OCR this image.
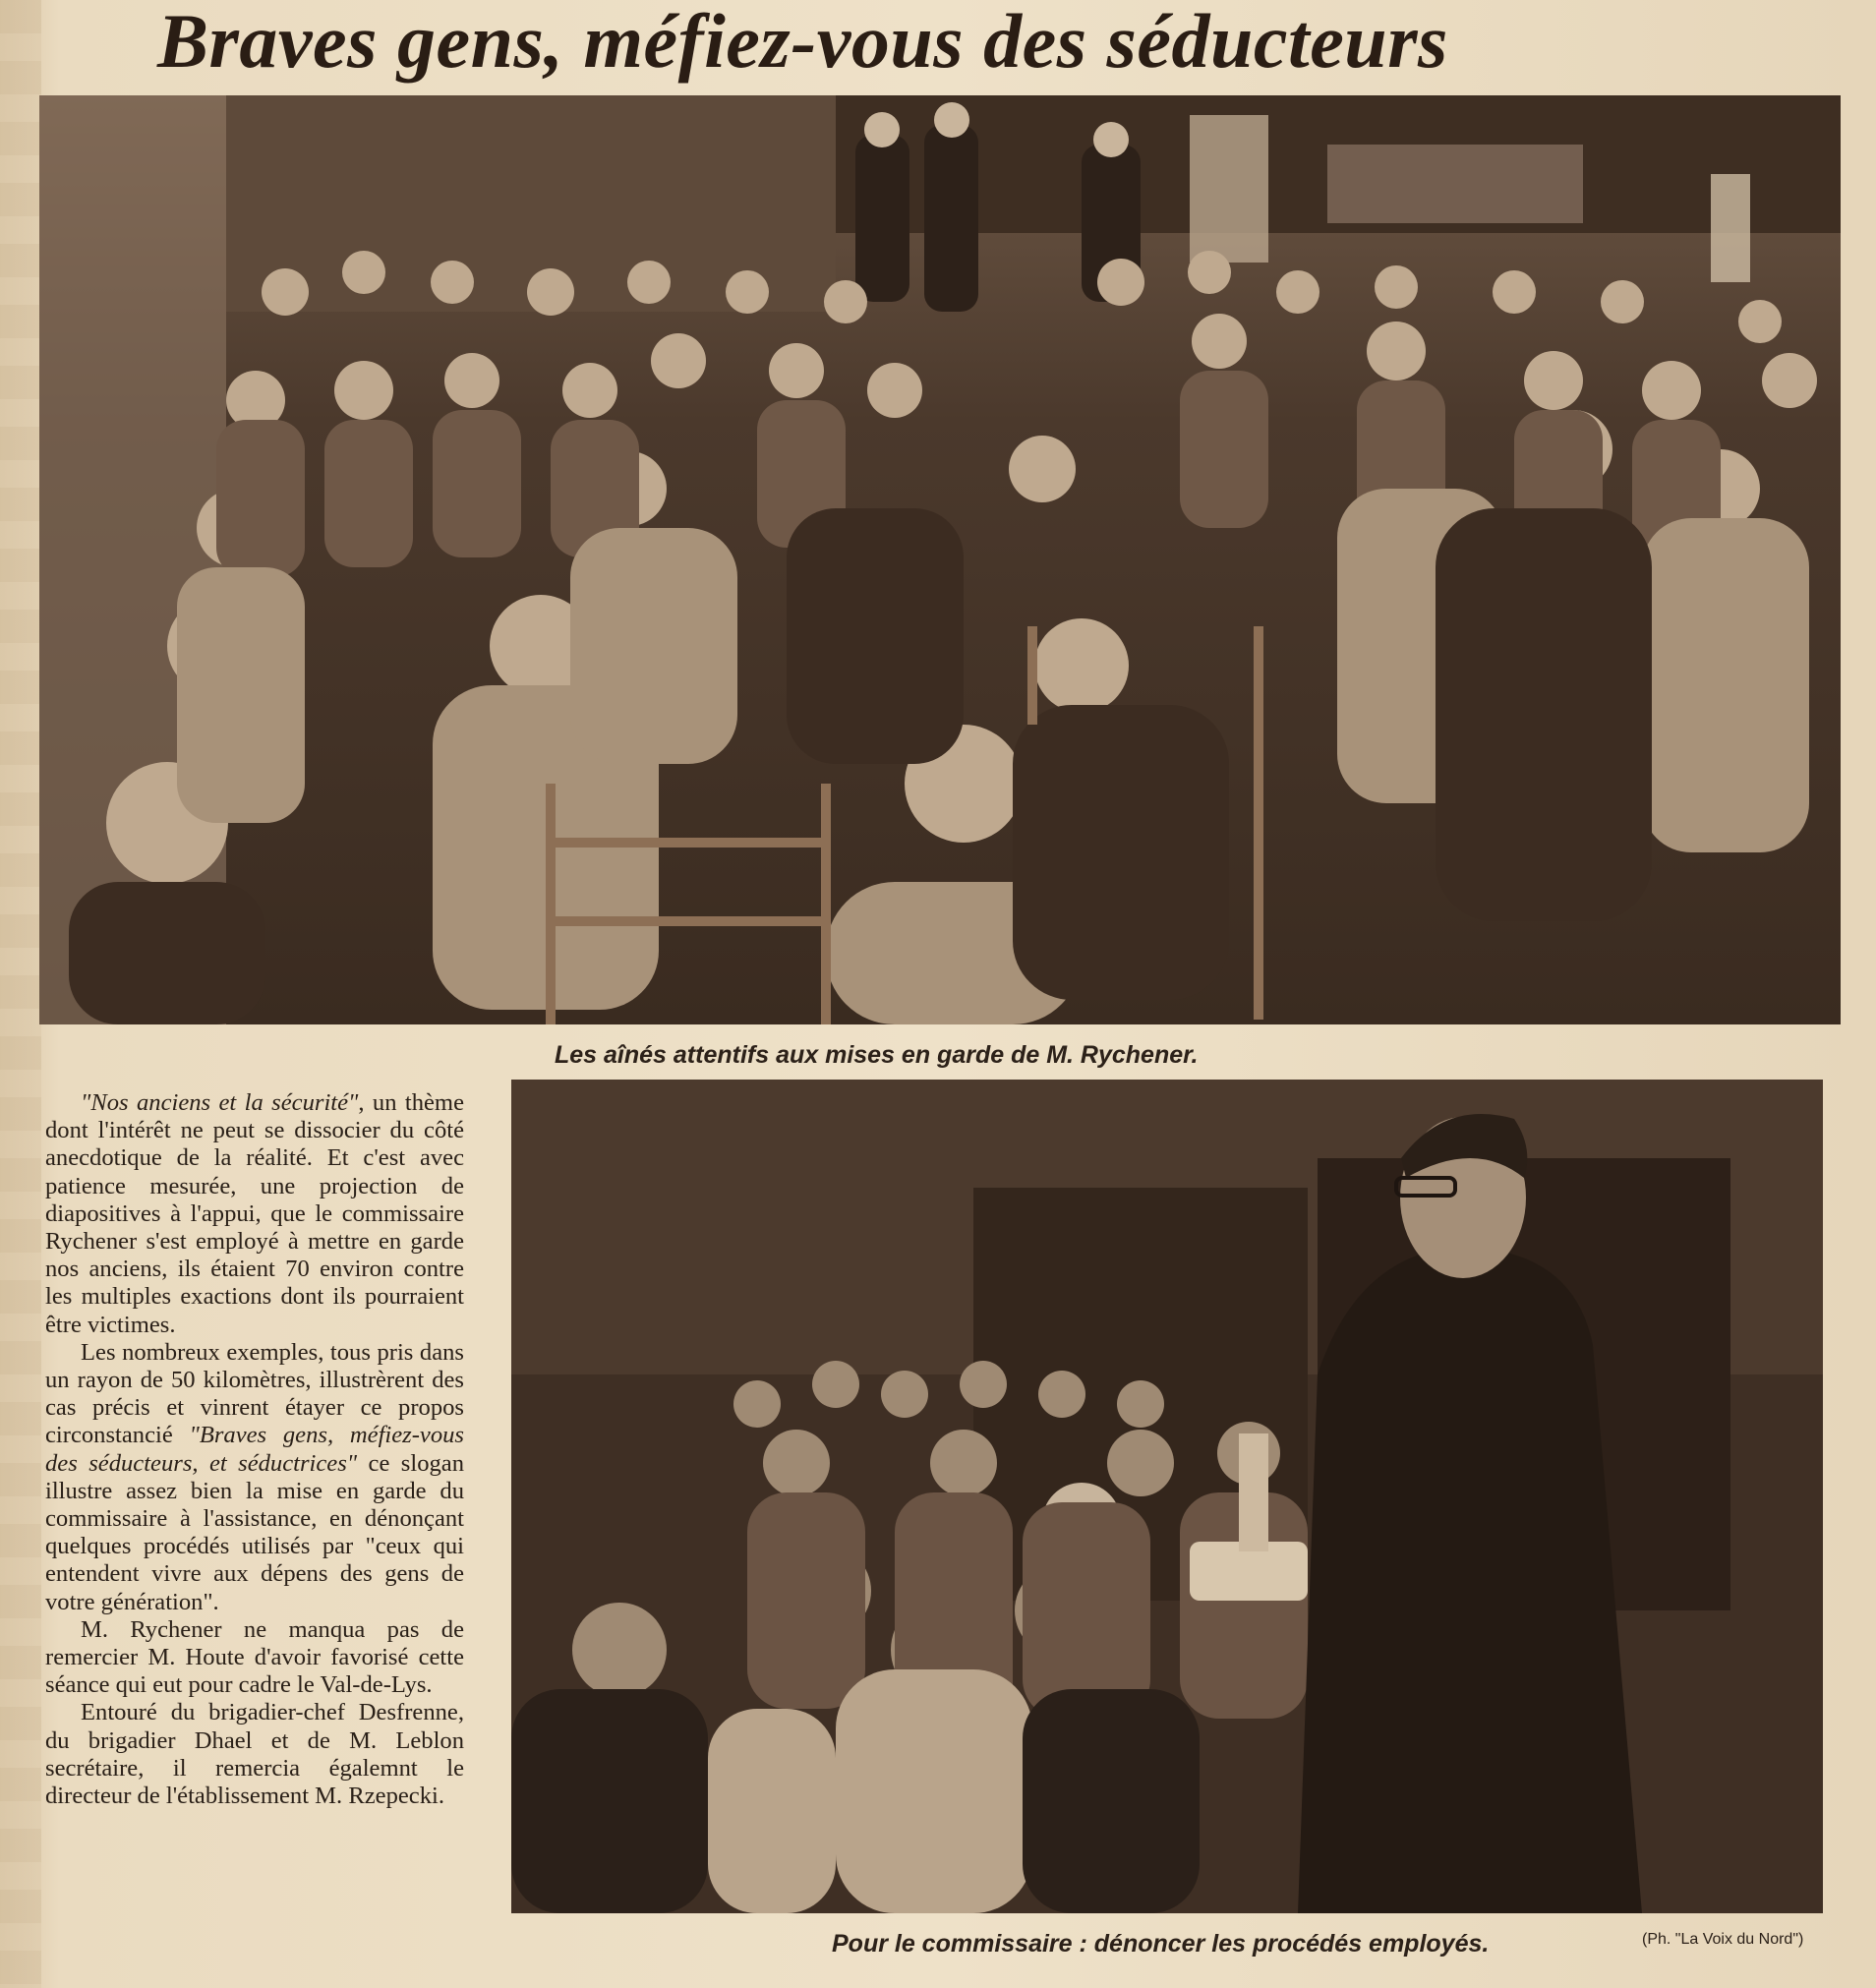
Braves gens, méfiez-vous des séducteurs
Les aînés attentifs aux mises en garde de M. Rychener.

"Nos anciens et la sécurité", un thème dont l'intérêt ne peut se dissocier du côté anecdotique de la réalité. Et c'est avec patience mesurée, une projection de diapositives à l'appui, que le commissaire Rychener s'est employé à mettre en garde nos anciens, ils étaient 70 environ contre les multiples exactions dont ils pourraient être victimes.

Les nombreux exemples, tous pris dans un rayon de 50 kilomètres, illustrèrent des cas précis et vinrent étayer ce propos circonstancié "Braves gens, méfiez-vous des séducteurs, et séductrices" ce slogan illustre assez bien la mise en garde du commissaire à l'assistance, en dénonçant quelques procédés utilisés par "ceux qui entendent vivre aux dépens des gens de votre génération".

M. Rychener ne manqua pas de remercier M. Houte d'avoir favorisé cette séance qui eut pour cadre le Val-de-Lys.

Entouré du brigadier-chef Desfrenne, du brigadier Dhael et de M. Leblon secrétaire, il remercia égalemnt le directeur de l'établissement M. Rzepecki.

Pour le commissaire : dénoncer les procédés employés.	(Ph. "La Voix du Nord")
